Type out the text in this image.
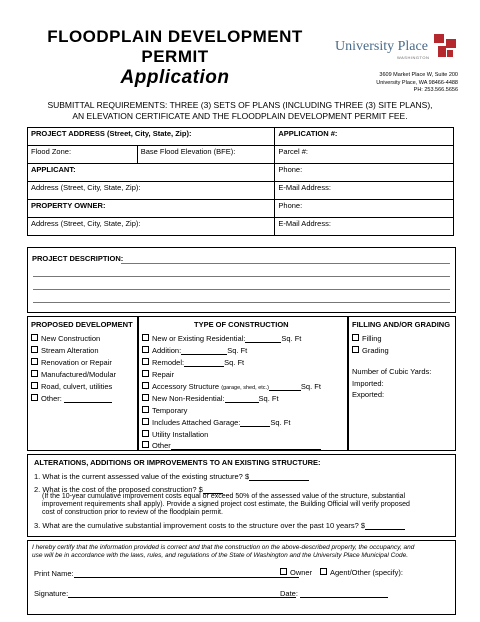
FLOODPLAIN DEVELOPMENT
PERMIT
Application
University Place
WASHINGTON
3609 Market Place W, Suite 200
University Place, WA 98466-4488
PH: 253.566.5656
SUBMITTAL REQUIREMENTS: THREE (3) SETS OF PLANS (INCLUDING THREE (3) SITE PLANS),
AN ELEVATION CERTIFICATE AND THE FLOODPLAIN DEVELOPMENT PERMIT FEE.
PROJECT ADDRESS (Street, City, State, Zip):		APPLICATION #:
Flood Zone:	Base Flood Elevation (BFE):	Parcel #:
APPLICANT:		Phone:
Address (Street, City, State, Zip):		E-Mail Address:
PROPERTY OWNER:		Phone:
Address (Street, City, State, Zip):		E-Mail Address:
PROJECT DESCRIPTION:
PROPOSED DEVELOPMENT
New Construction
Stream Alteration
Renovation or Repair
Manufactured/Modular
Road, culvert, utilities
Other:
TYPE OF CONSTRUCTION
New or Existing Residential:	Sq. Ft
Addition:	Sq. Ft
Remodel:	Sq. Ft
Repair
Accessory Structure (garage, shed, etc.)	Sq. Ft
New Non-Residential:	Sq. Ft
Temporary
Includes Attached Garage:	Sq. Ft
Utility Installation
Other
FILLING AND/OR GRADING
Filling
Grading
Number of Cubic Yards:
Imported:
Exported:
ALTERATIONS, ADDITIONS OR IMPROVEMENTS TO AN EXISTING STRUCTURE:
1. What is the current assessed value of the existing structure? $
2. What is the cost of the proposed construction? $
(If the 10-year cumulative improvement costs equal or exceed 50% of the assessed value of the structure, substantial
improvement requirements shall apply). Provide a signed project cost estimate, the Building Official will verify proposed
cost of construction prior to review of the floodplain permit.
3. What are the cumulative substantial improvement costs to the structure over the past 10 years? $
I hereby certify that the information provided is correct and that the construction on the above-described property, the occupancy, and
use will be in accordance with the laws, rules, and regulations of the State of Washington and the University Place Municipal Code.
Print Name:	Owner	Agent/Other (specify):
Signature:	Date:
